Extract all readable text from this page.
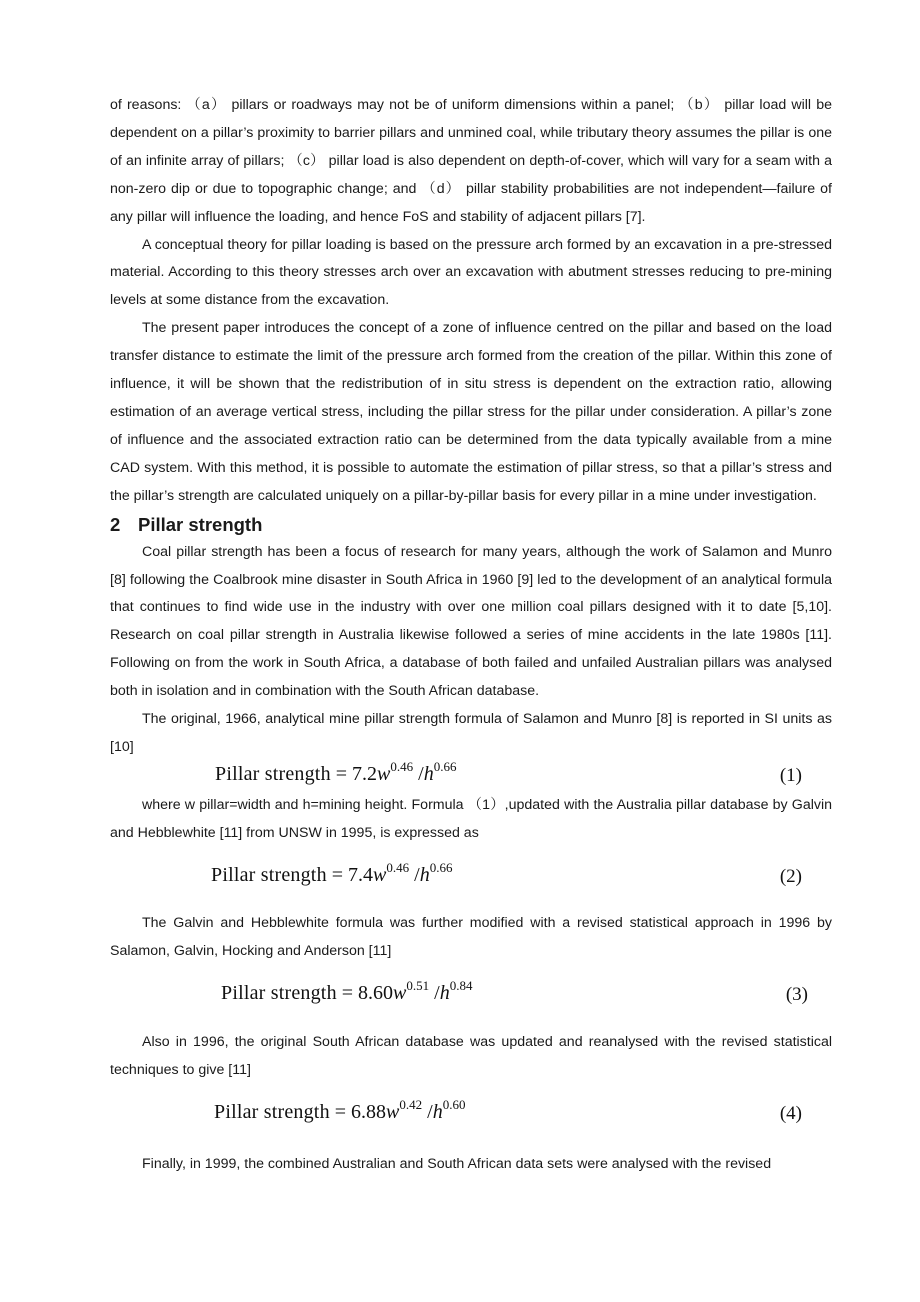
of reasons: （a） pillars or roadways may not be of uniform dimensions within a panel; （b） pillar load will be dependent on a pillar’s proximity to barrier pillars and unmined coal, while tributary theory assumes the pillar is one of an infinite array of pillars; （c） pillar load is also dependent on depth-of-cover, which will vary for a seam with a non-zero dip or due to topographic change; and （d） pillar stability probabilities are not independent—failure of any pillar will influence the loading, and hence FoS and stability of adjacent pillars [7].

A conceptual theory for pillar loading is based on the pressure arch formed by an excavation in a pre-stressed material. According to this theory stresses arch over an excavation with abutment stresses reducing to pre-mining levels at some distance from the excavation.

The present paper introduces the concept of a zone of influence centred on the pillar and based on the load transfer distance to estimate the limit of the pressure arch formed from the creation of the pillar. Within this zone of influence, it will be shown that the redistribution of in situ stress is dependent on the extraction ratio, allowing estimation of an average vertical stress, including the pillar stress for the pillar under consideration. A pillar’s zone of influence and the associated extraction ratio can be determined from the data typically available from a mine CAD system. With this method, it is possible to automate the estimation of pillar stress, so that a pillar’s stress and the pillar’s strength are calculated uniquely on a pillar-by-pillar basis for every pillar in a mine under investigation.

2 Pillar strength

Coal pillar strength has been a focus of research for many years, although the work of Salamon and Munro [8] following the Coalbrook mine disaster in South Africa in 1960 [9] led to the development of an analytical formula that continues to find wide use in the industry with over one million coal pillars designed with it to date [5,10]. Research on coal pillar strength in Australia likewise followed a series of mine accidents in the late 1980s [11]. Following on from the work in South Africa, a database of both failed and unfailed Australian pillars was analysed both in isolation and in combination with the South African database.

The original, 1966, analytical mine pillar strength formula of Salamon and Munro [8] is reported in SI units as [10]

Pillar strength = $7.2w^{0.46}$ $/h^{0.66}$	(1)

where w pillar=width and h=mining height. Formula （1）,updated with the Australia pillar database by Galvin and Hebblewhite [11] from UNSW in 1995, is expressed as

Pillar strength = $7.4w^{0.46}$ $/h^{0.66}$	(2)

The Galvin and Hebblewhite formula was further modified with a revised statistical approach in 1996 by Salamon, Galvin, Hocking and Anderson [11]

Pillar strength = $8.60w^{0.51}$ $/h^{0.84}$	(3)

Also in 1996, the original South African database was updated and reanalysed with the revised statistical techniques to give [11]

Pillar strength = $6.88w^{0.42}$ $/h^{0.60}$	(4)

Finally, in 1999, the combined Australian and South African data sets were analysed with the revised
